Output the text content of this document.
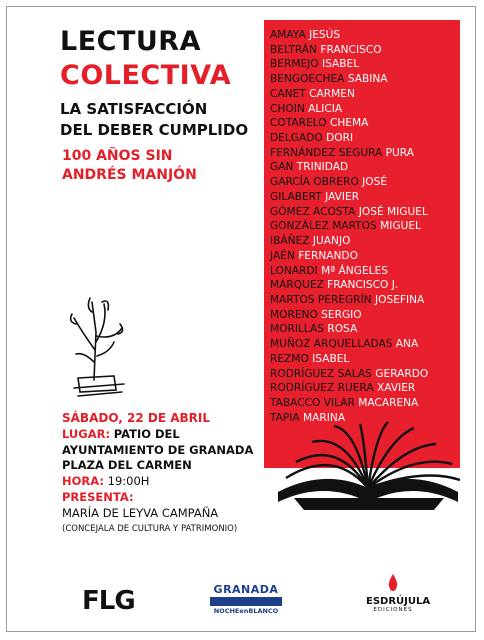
LECTURA
COLECTIVA
LA SATISFACCIÓN
DEL DEBER CUMPLIDO
100 AÑOS SIN
ANDRÉS MANJÓN
AMAYA JESÚS
BELTRÁN FRANCISCO
BERMEJO ISABEL
BENGOECHEA SABINA
CANET CARMEN
CHOIN ALICIA
COTARELO CHEMA
DELGADO DORI
FERNÁNDEZ SEGURA PURA
GAN TRINIDAD
GARCÍA OBRERO JOSÉ
GILABERT JAVIER
GÓMEZ ACOSTA JOSÉ MIGUEL
GONZÁLEZ MARTOS MIGUEL
IBÁÑEZ JUANJO
JAÉN FERNANDO
LONARDI Mª ÁNGELES
MÁRQUEZ FRANCISCO J.
MARTOS PEREGRÍN JOSEFINA
MORENO SERGIO
MORILLAS ROSA
MUÑOZ ARQUELLADAS ANA
REZMO ISABEL
RODRÍGUEZ SALAS GERARDO
RODRÍGUEZ RUERA XAVIER
TABACCO VILAR MACARENA
TAPIA MARINA
SÁBADO, 22 DE ABRIL
LUGAR: PATIO DEL
AYUNTAMIENTO DE GRANADA
PLAZA DEL CARMEN
HORA: 19:00H
PRESENTA:
MARÍA DE LEYVA CAMPAÑA
(CONCEJALA DE CULTURA Y PATRIMONIO)
FLG	GRANADA
NOCHEenBLANCO
ESDRÚJULA
EDICIONES
